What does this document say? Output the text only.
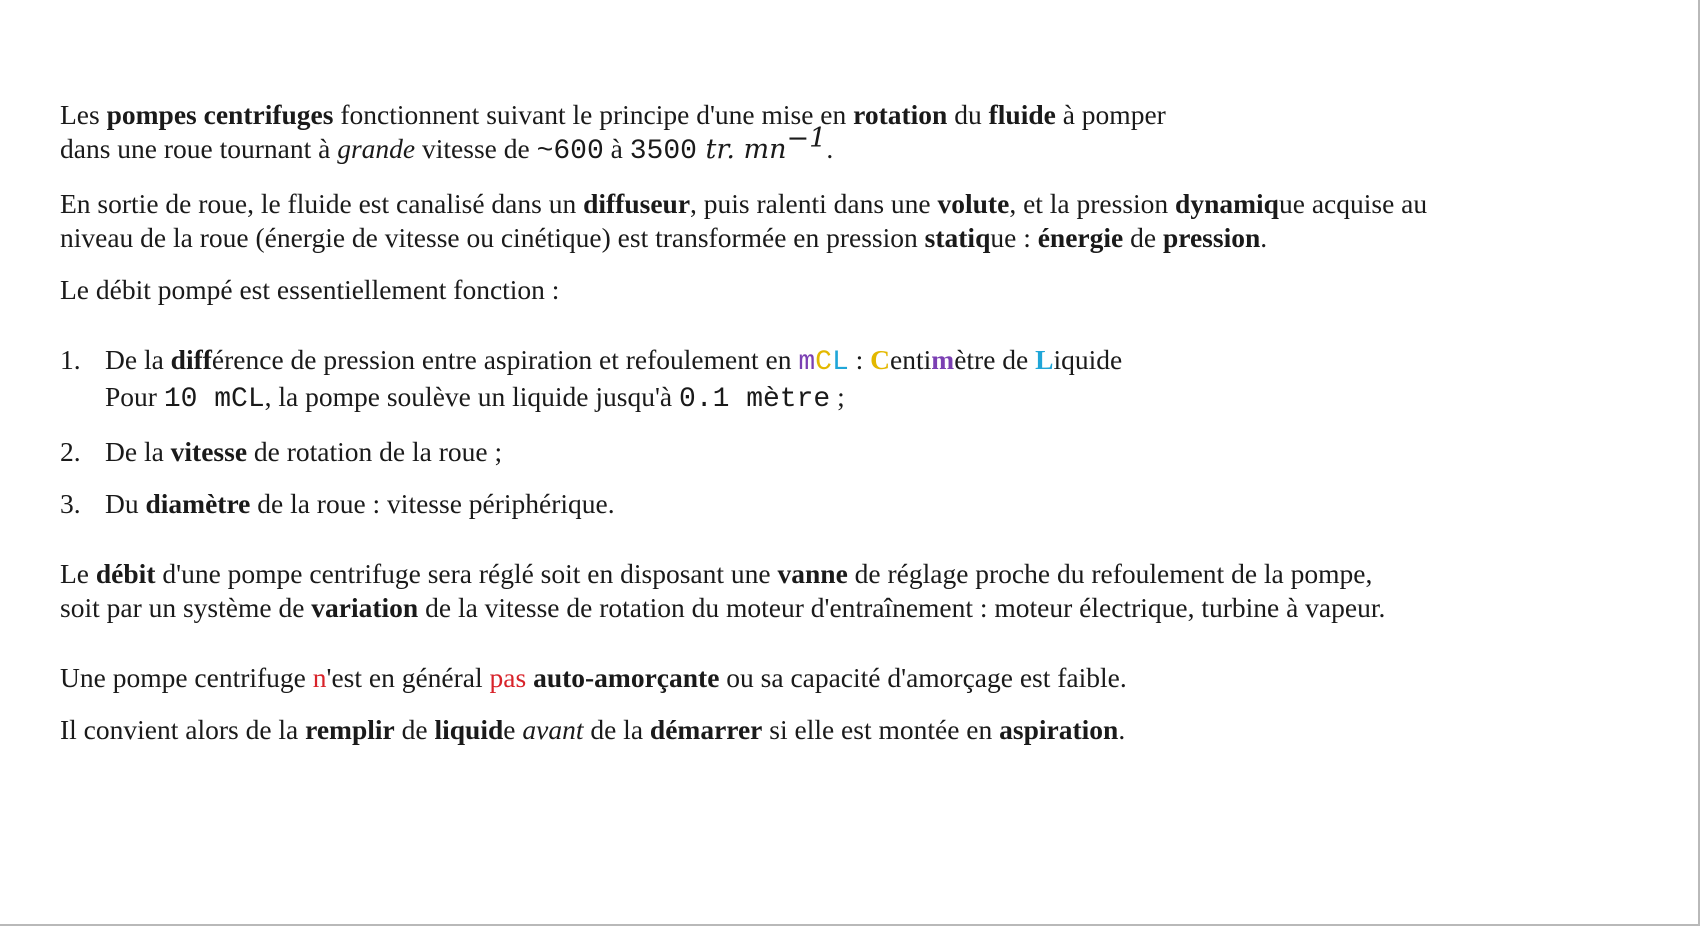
Les pompes centrifuges fonctionnent suivant le principe d'une mise en rotation du fluide à pomper

dans une roue tournant à grande vitesse de ~600 à 3500 tr. $mn^{-1}$.

En sortie de roue, le fluide est canalisé dans un diffuseur, puis ralenti dans une volute, et la pression dynamique acquise au

niveau de la roue (énergie de vitesse ou cinétique) est transformée en pression statique : énergie de pression.

Le débit pompé est essentiellement fonction :

1. De la différence de pression entre aspiration et refoulement en mCL : Centimètre de Liquide
Pour 10 mCL, la pompe soulève un liquide jusqu'à 0.1 mètre ;
2. De la vitesse de rotation de la roue ;
3. Du diamètre de la roue : vitesse périphérique.

Le débit d'une pompe centrifuge sera réglé soit en disposant une vanne de réglage proche du refoulement de la pompe,

soit par un système de variation de la vitesse de rotation du moteur d'entraînement : moteur électrique, turbine à vapeur.

Une pompe centrifuge n'est en général pas auto-amorçante ou sa capacité d'amorçage est faible.

Il convient alors de la remplir de liquide avant de la démarrer si elle est montée en aspiration.
